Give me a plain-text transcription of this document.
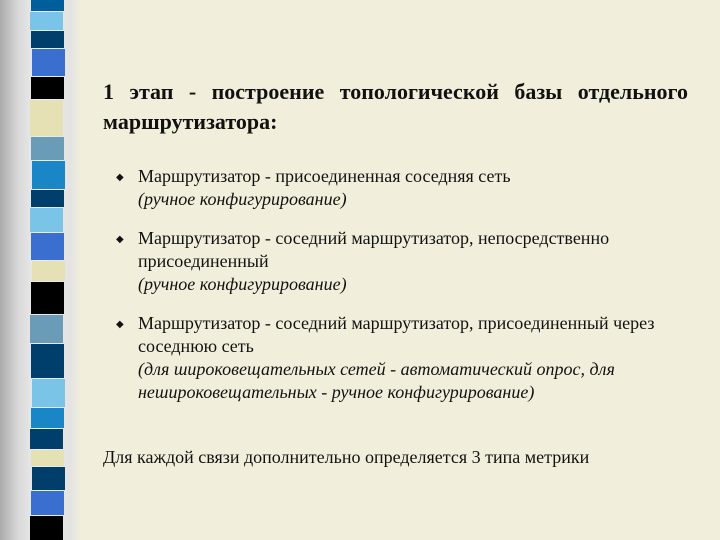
1 этап - построение топологической базы отдельного маршрутизатора:
◆ Маршрутизатор - присоединенная соседняя сеть
(ручное конфигурирование)
◆ Маршрутизатор - соседний маршрутизатор, непосредственно присоединенный
(ручное конфигурирование)
◆ Маршрутизатор - соседний маршрутизатор, присоединенный через соседнюю сеть
(для широковещательных сетей - автоматический опрос, для нешироковещательных - ручное конфигурирование)

Для каждой связи дополнительно определяется 3 типа метрики
